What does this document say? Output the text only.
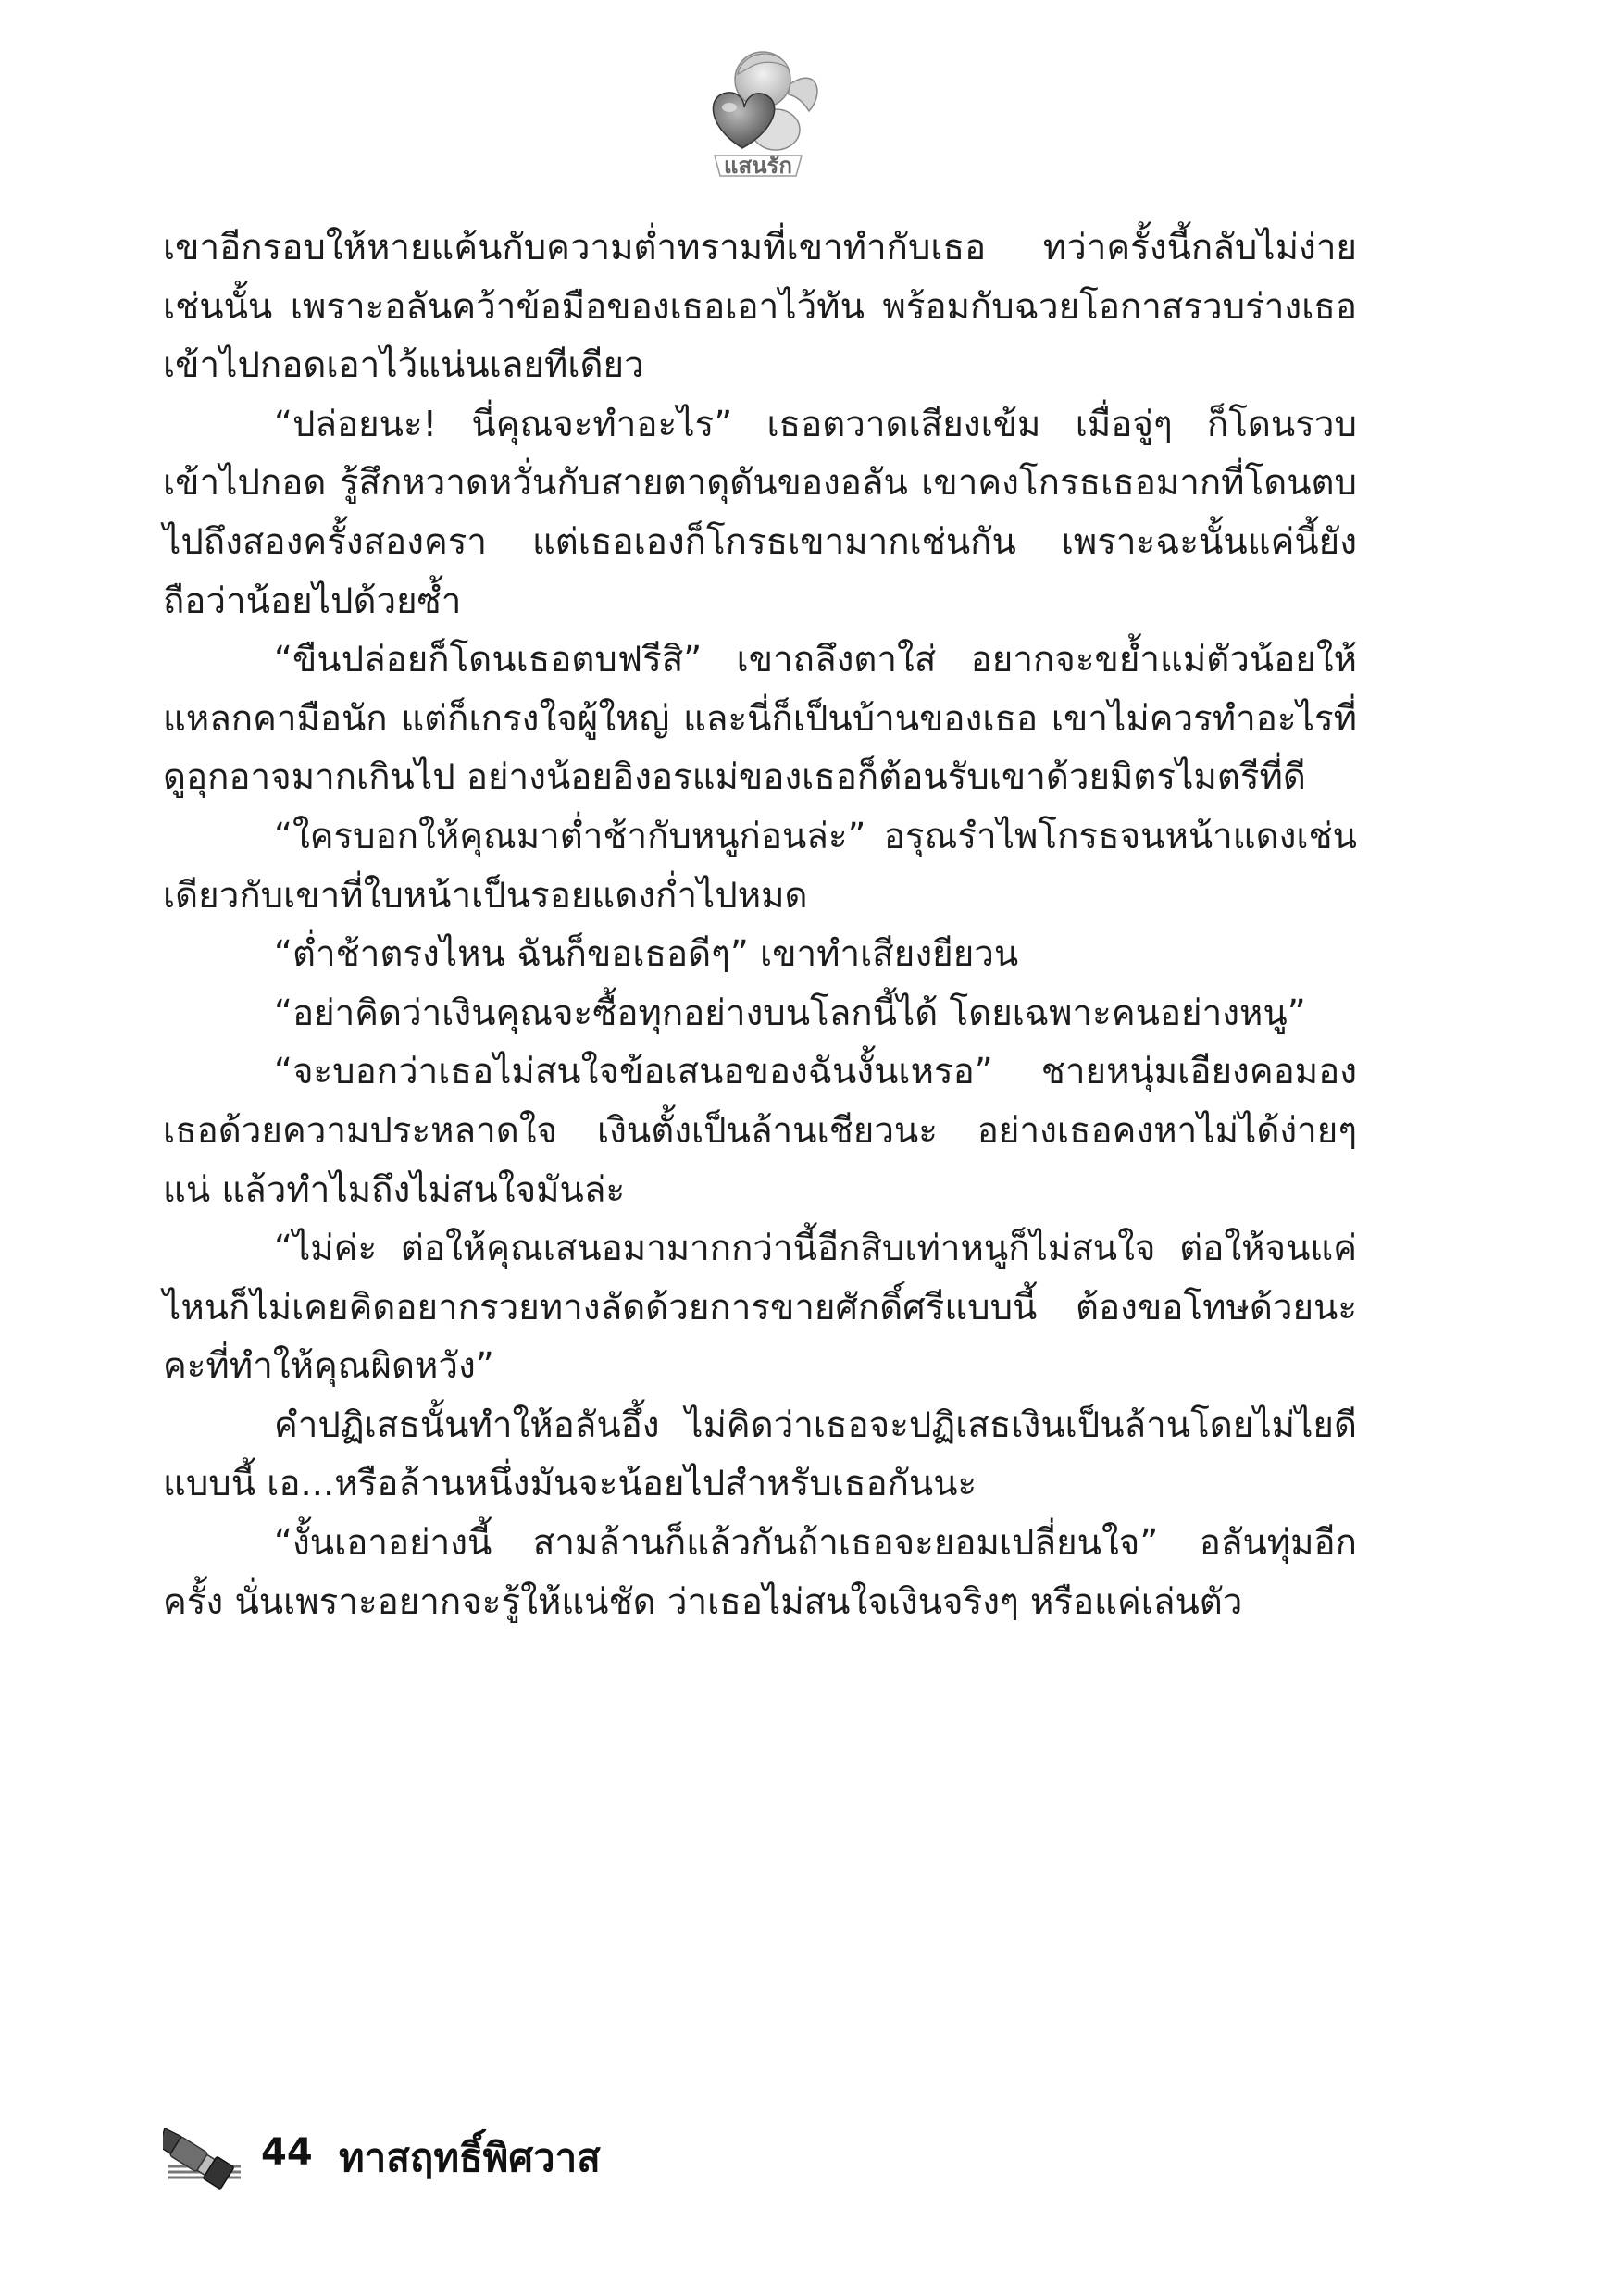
แสนรัก

เขาอีกรอบให้หายแค้นกับความต่ำทรามที่เขาทำกับเธอ ทว่าครั้งนี้กลับไม่ง่ายเช่นนั้น เพราะอลันคว้าข้อมือของเธอเอาไว้ทัน พร้อมกับฉวยโอกาสรวบร่างเธอเข้าไปกอดเอาไว้แน่นเลยทีเดียว

“ปล่อยนะ! นี่คุณจะทำอะไร” เธอตวาดเสียงเข้ม เมื่อจู่ๆ ก็โดนรวบเข้าไปกอด รู้สึกหวาดหวั่นกับสายตาดุดันของอลัน เขาคงโกรธเธอมากที่โดนตบไปถึงสองครั้งสองครา แต่เธอเองก็โกรธเขามากเช่นกัน เพราะฉะนั้นแค่นี้ยังถือว่าน้อยไปด้วยซ้ำ

“ขืนปล่อยก็โดนเธอตบฟรีสิ” เขาถลึงตาใส่ อยากจะขย้ำแม่ตัวน้อยให้แหลกคามือนัก แต่ก็เกรงใจผู้ใหญ่ และนี่ก็เป็นบ้านของเธอ เขาไม่ควรทำอะไรที่ดูอุกอาจมากเกินไป อย่างน้อยอิงอรแม่ของเธอก็ต้อนรับเขาด้วยมิตรไมตรีที่ดี

“ใครบอกให้คุณมาต่ำช้ากับหนูก่อนล่ะ” อรุณรำไพโกรธจนหน้าแดงเช่นเดียวกับเขาที่ใบหน้าเป็นรอยแดงก่ำไปหมด

“ต่ำช้าตรงไหน ฉันก็ขอเธอดีๆ” เขาทำเสียงยียวน

“อย่าคิดว่าเงินคุณจะซื้อทุกอย่างบนโลกนี้ได้ โดยเฉพาะคนอย่างหนู”

“จะบอกว่าเธอไม่สนใจข้อเสนอของฉันงั้นเหรอ” ชายหนุ่มเอียงคอมองเธอด้วยความประหลาดใจ เงินตั้งเป็นล้านเชียวนะ อย่างเธอคงหาไม่ได้ง่ายๆ แน่ แล้วทำไมถึงไม่สนใจมันล่ะ

“ไม่ค่ะ ต่อให้คุณเสนอมามากกว่านี้อีกสิบเท่าหนูก็ไม่สนใจ ต่อให้จนแค่ไหนก็ไม่เคยคิดอยากรวยทางลัดด้วยการขายศักดิ์ศรีแบบนี้ ต้องขอโทษด้วยนะคะที่ทำให้คุณผิดหวัง”

คำปฏิเสธนั้นทำให้อลันอึ้ง ไม่คิดว่าเธอจะปฏิเสธเงินเป็นล้านโดยไม่ไยดีแบบนี้ เอ...หรือล้านหนึ่งมันจะน้อยไปสำหรับเธอกันนะ

“งั้นเอาอย่างนี้ สามล้านก็แล้วกันถ้าเธอจะยอมเปลี่ยนใจ” อลันทุ่มอีกครั้ง นั่นเพราะอยากจะรู้ให้แน่ชัด ว่าเธอไม่สนใจเงินจริงๆ หรือแค่เล่นตัว

44 ทาสฤทธิ์พิศวาส
